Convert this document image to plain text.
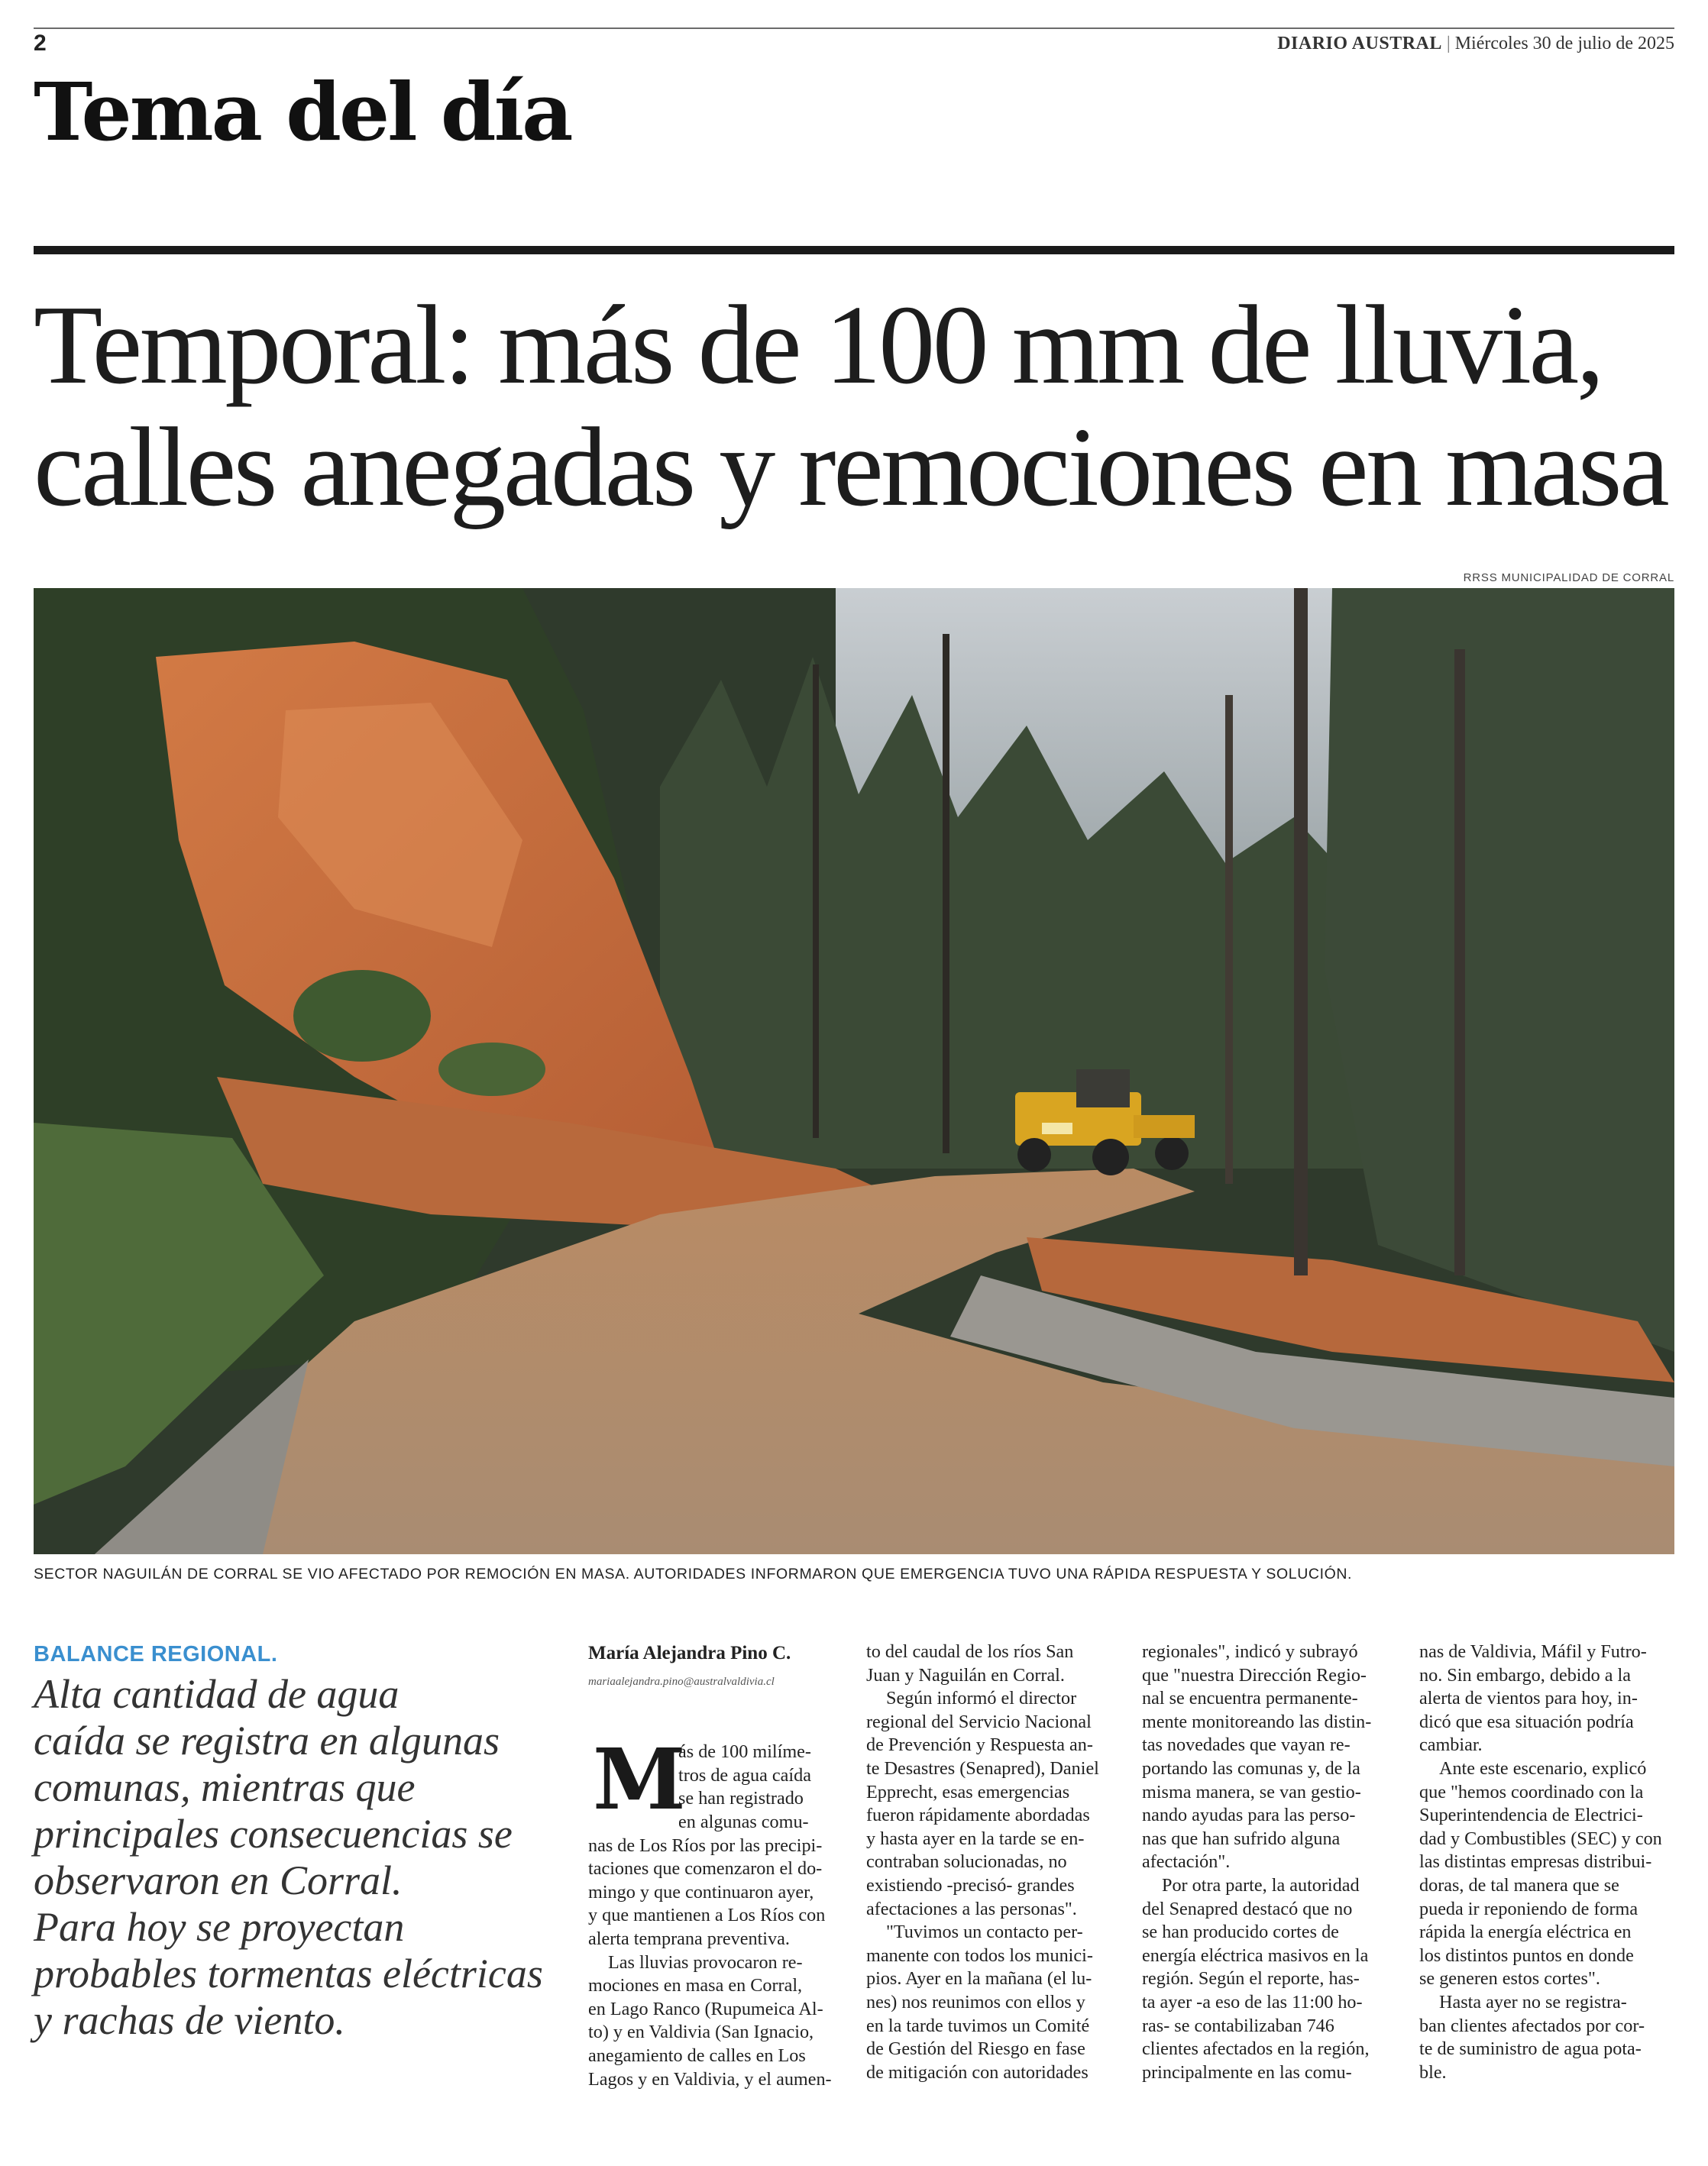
2	DIARIO AUSTRAL | Miércoles 30 de julio de 2025
Tema del día
Temporal: más de 100 mm de lluvia,
calles anegadas y remociones en masa
RRSS MUNICIPALIDAD DE CORRAL
SECTOR NAGUILÁN DE CORRAL SE VIO AFECTADO POR REMOCIÓN EN MASA. AUTORIDADES INFORMARON QUE EMERGENCIA TUVO UNA RÁPIDA RESPUESTA Y SOLUCIÓN.
BALANCE REGIONAL.
Alta cantidad de agua
caída se registra en algunas
comunas, mientras que
principales consecuencias se
observaron en Corral.
Para hoy se proyectan
probables tormentas eléctricas
y rachas de viento.
María Alejandra Pino C.
mariaalejandra.pino@australvaldivia.cl
M
ás de 100 milíme-
tros de agua caída
se han registrado
en algunas comu-
nas de Los Ríos por las precipi-
taciones que comenzaron el do-
mingo y que continuaron ayer,
y que mantienen a Los Ríos con
alerta temprana preventiva.
Las lluvias provocaron re-
mociones en masa en Corral,
en Lago Ranco (Rupumeica Al-
to) y en Valdivia (San Ignacio,
anegamiento de calles en Los
Lagos y en Valdivia, y el aumen-
to del caudal de los ríos San
Juan y Naguilán en Corral.
Según informó el director
regional del Servicio Nacional
de Prevención y Respuesta an-
te Desastres (Senapred), Daniel
Epprecht, esas emergencias
fueron rápidamente abordadas
y hasta ayer en la tarde se en-
contraban solucionadas, no
existiendo -precisó- grandes
afectaciones a las personas".
"Tuvimos un contacto per-
manente con todos los munici-
pios. Ayer en la mañana (el lu-
nes) nos reunimos con ellos y
en la tarde tuvimos un Comité
de Gestión del Riesgo en fase
de mitigación con autoridades
regionales", indicó y subrayó
que "nuestra Dirección Regio-
nal se encuentra permanente-
mente monitoreando las distin-
tas novedades que vayan re-
portando las comunas y, de la
misma manera, se van gestio-
nando ayudas para las perso-
nas que han sufrido alguna
afectación".
Por otra parte, la autoridad
del Senapred destacó que no
se han producido cortes de
energía eléctrica masivos en la
región. Según el reporte, has-
ta ayer -a eso de las 11:00 ho-
ras- se contabilizaban 746
clientes afectados en la región,
principalmente en las comu-
nas de Valdivia, Máfil y Futro-
no. Sin embargo, debido a la
alerta de vientos para hoy, in-
dicó que esa situación podría
cambiar.
Ante este escenario, explicó
que "hemos coordinado con la
Superintendencia de Electrici-
dad y Combustibles (SEC) y con
las distintas empresas distribui-
doras, de tal manera que se
pueda ir reponiendo de forma
rápida la energía eléctrica en
los distintos puntos en donde
se generen estos cortes".
Hasta ayer no se registra-
ban clientes afectados por cor-
te de suministro de agua pota-
ble.
